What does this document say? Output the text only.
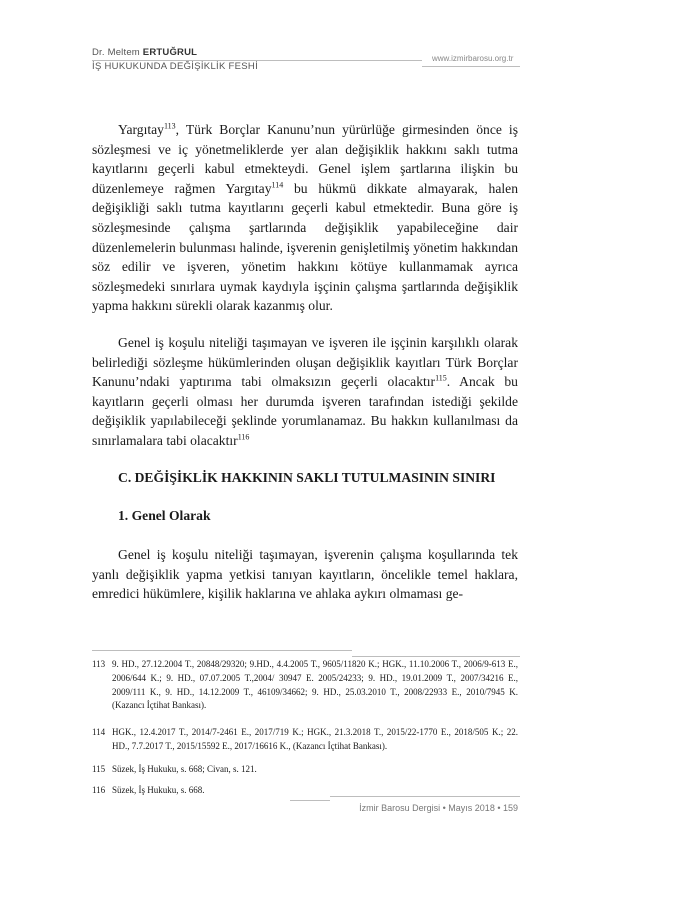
Dr. Meltem ERTUĞRUL
İŞ HUKUKUNDA DEĞİŞİKLİK FESHİ
www.izmirbarosu.org.tr

Yargıtay$^{113}$, Türk Borçlar Kanunu’nun yürürlüğe girmesinden önce iş sözleşmesi ve iç yönetmeliklerde yer alan değişiklik hakkını saklı tutma kayıtlarını geçerli kabul etmekteydi. Genel işlem şartlarına ilişkin bu düzenlemeye rağmen Yargıtay$^{114}$ bu hükmü dikkate almayarak, halen değişikliği saklı tutma kayıtlarını geçerli kabul etmektedir. Buna göre iş sözleşmesinde çalışma şartlarında değişiklik yapabileceğine dair düzenlemelerin bulunması halinde, işverenin genişletilmiş yönetim hakkından söz edilir ve işveren, yönetim hakkını kötüye kullanmamak ayrıca sözleşmedeki sınırlara uymak kaydıyla işçinin çalışma şartlarında değişiklik yapma hakkını sürekli olarak kazanmış olur.

Genel iş koşulu niteliği taşımayan ve işveren ile işçinin karşılıklı olarak belirlediği sözleşme hükümlerinden oluşan değişiklik kayıtları Türk Borçlar Kanunu’ndaki yaptırıma tabi olmaksızın geçerli olacaktır$^{115}$. Ancak bu kayıtların geçerli olması her durumda işveren tarafından istediği şekilde değişiklik yapılabileceği şeklinde yorumlanamaz. Bu hakkın kullanılması da sınırlamalara tabi olacaktır$^{116}$

C. DEĞİŞİKLİK HAKKININ SAKLI TUTULMASININ SINIRI
1. Genel Olarak

Genel iş koşulu niteliği taşımayan, işverenin çalışma koşullarında tek yanlı değişiklik yapma yetkisi tanıyan kayıtların, öncelikle temel haklara, emredici hükümlere, kişilik haklarına ve ahlaka aykırı olmaması ge-

113 9. HD., 27.12.2004 T., 20848/29320; 9.HD., 4.4.2005 T., 9605/11820 K.; HGK., 11.10.2006 T., 2006/9-613 E., 2006/644 K.; 9. HD., 07.07.2005 T.,2004/ 30947 E. 2005/24233; 9. HD., 19.01.2009 T., 2007/34216 E., 2009/111 K., 9. HD., 14.12.2009 T., 46109/34662; 9. HD., 25.03.2010 T., 2008/22933 E., 2010/7945 K. (Kazancı İçtihat Bankası).
114 HGK., 12.4.2017 T., 2014/7-2461 E., 2017/719 K.; HGK., 21.3.2018 T., 2015/22-1770 E., 2018/505 K.; 22. HD., 7.7.2017 T., 2015/15592 E., 2017/16616 K., (Kazancı İçtihat Bankası).
115 Süzek, İş Hukuku, s. 668; Civan, s. 121.
116 Süzek, İş Hukuku, s. 668.
İzmir Barosu Dergisi • Mayıs 2018 • 159
